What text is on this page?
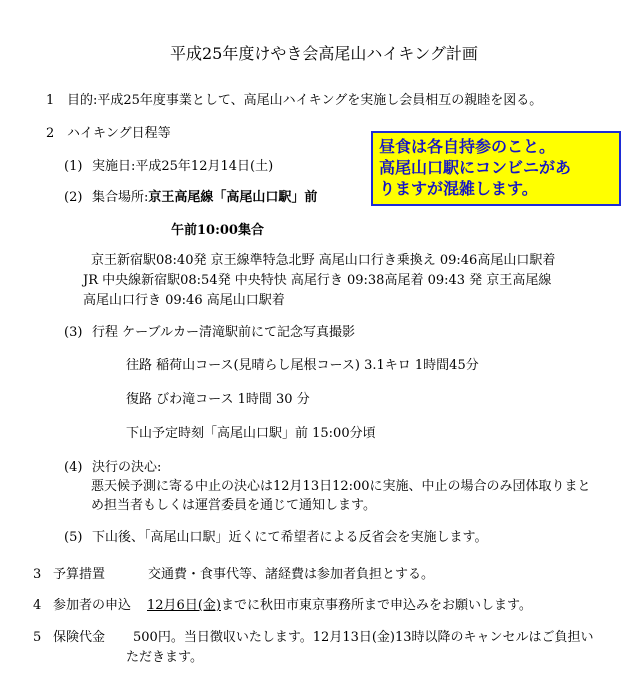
平成25年度けやき会高尾山ハイキング計画
1 目的:平成25年度事業として、高尾山ハイキングを実施し会員相互の親睦を図る。
2 ハイキング日程等
(1) 実施日:平成25年12月14日(土)
(2) 集合場所:京王高尾線「高尾山口駅」前
午前10:00集合
京王新宿駅08:40発 京王線準特急北野 高尾山口行き乗換え 09:46高尾山口駅着
JR 中央線新宿駅08:54発 中央特快 高尾行き 09:38高尾着 09:43 発 京王高尾線
高尾山口行き 09:46 高尾山口駅着
(3) 行程 ケーブルカー清滝駅前にて記念写真撮影
往路 稲荷山コース(見晴らし尾根コース) 3.1キロ 1時間45分
復路 びわ滝コース 1時間 30 分
下山予定時刻「高尾山口駅」前 15:00分頃
(4) 決行の決心:
悪天候予測に寄る中止の決心は12月13日12:00に実施、中止の場合のみ団体取りまと
め担当者もしくは運営委員を通じて通知します。
(5) 下山後、「高尾山口駅」近くにて希望者による反省会を実施します。
3 予算措置	交通費・食事代等、諸経費は参加者負担とする。
4 参加者の申込 12月6日(金)までに秋田市東京事務所まで申込みをお願いします。
5 保険代金 500円。当日徴収いたします。12月13日(金)13時以降のキャンセルはご負担い
ただきます。
昼食は各自持参のこと。
高尾山口駅にコンビニがあ
りますが混雑します。
